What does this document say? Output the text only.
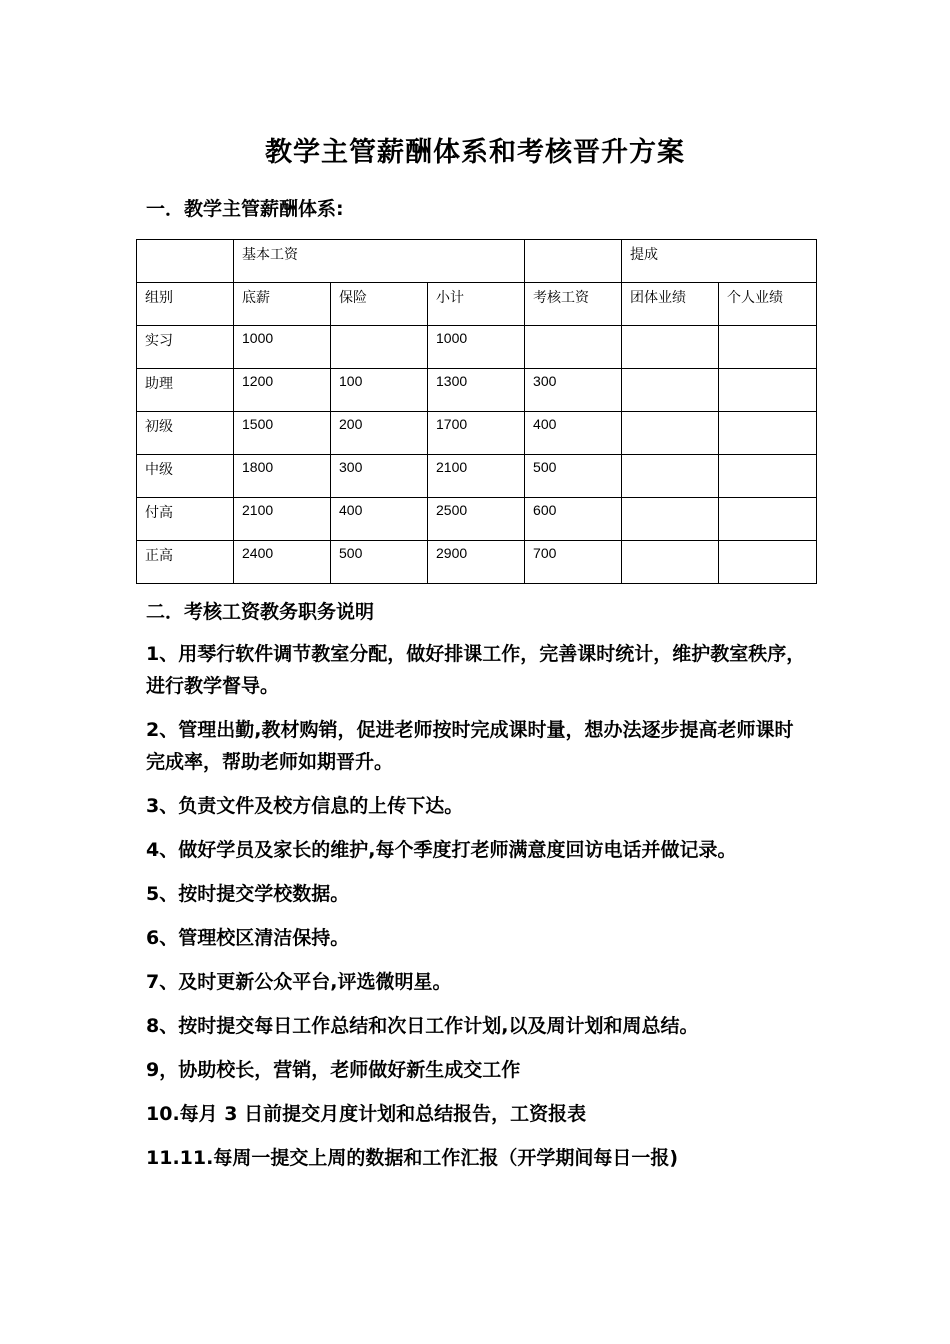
教学主管薪酬体系和考核晋升方案
一．教学主管薪酬体系:
	基本工资				提成	
组别	底薪	保险	小计	考核工资	团体业绩	个人业绩
实习	1000		1000			
助理	1200	100	1300	300		
初级	1500	200	1700	400		
中级	1800	300	2100	500		
付高	2100	400	2500	600		
正高	2400	500	2900	700		
二．考核工资教务职务说明
1、用琴行软件调节教室分配，做好排课工作，完善课时统计，维护教室秩序，进行教学督导。
2、管理出勤,教材购销，促进老师按时完成课时量，想办法逐步提高老师课时完成率，帮助老师如期晋升。
3、负责文件及校方信息的上传下达。
4、做好学员及家长的维护,每个季度打老师满意度回访电话并做记录。
5、按时提交学校数据。
6、管理校区清洁保持。
7、及时更新公众平台,评选微明星。
8、按时提交每日工作总结和次日工作计划,以及周计划和周总结。
9，协助校长，营销，老师做好新生成交工作
10.每月 3 日前提交月度计划和总结报告，工资报表
11.11.每周一提交上周的数据和工作汇报（开学期间每日一报)
